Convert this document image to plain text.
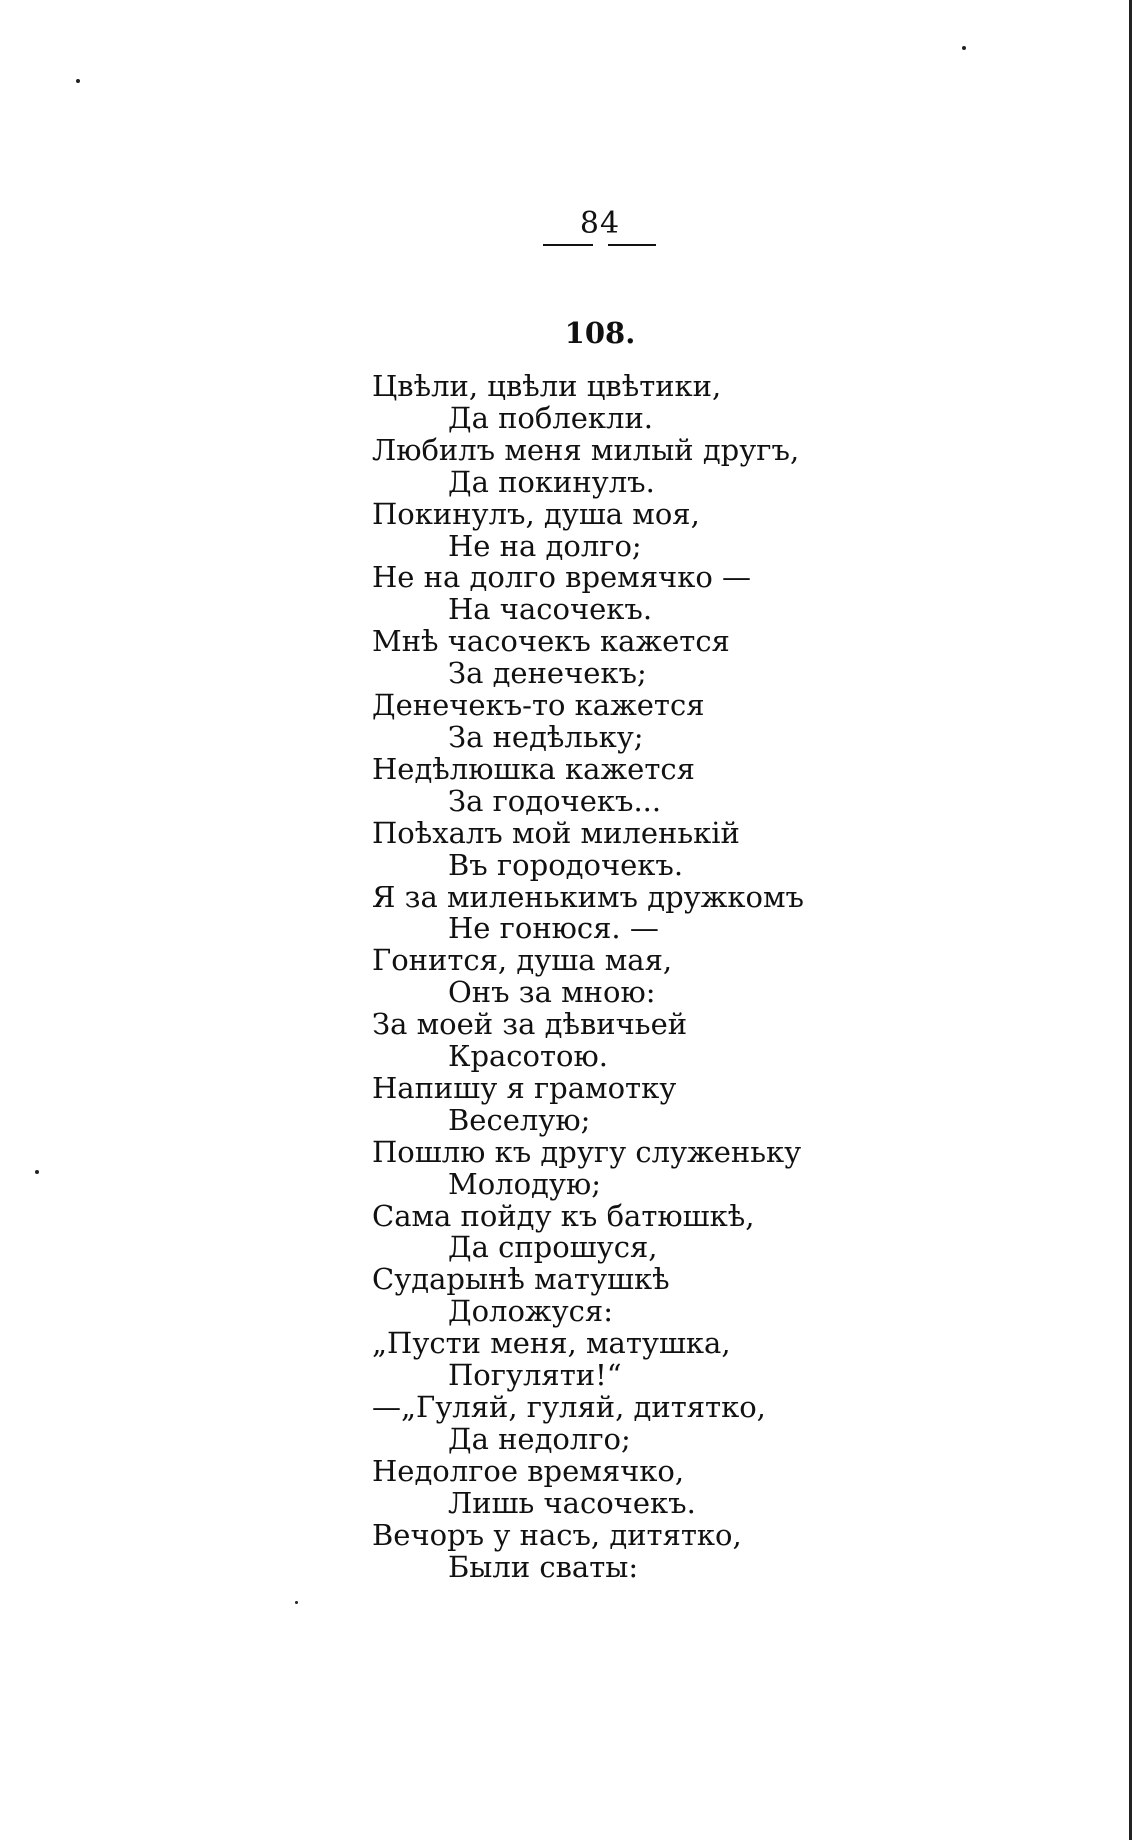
84
108.
Цвѣли, цвѣли цвѣтики,
Да поблекли.
Любилъ меня милый другъ,
Да покинулъ.
Покинулъ, душа моя,
Не на долго;
Не на долго времячко —
На часочекъ.
Мнѣ часочекъ кажется
За денечекъ;
Денечекъ-то кажется
За недѣльку;
Недѣлюшка кажется
За годочекъ...
Поѣхалъ мой миленькій
Въ городочекъ.
Я за миленькимъ дружкомъ
Не гонюся. —
Гонится, душа мая,
Онъ за мною:
За моей за дѣвичьей
Красотою.
Напишу я грамотку
Веселую;
Пошлю къ другу служеньку
Молодую;
Сама пойду къ батюшкѣ,
Да спрошуся,
Сударынѣ матушкѣ
Доложуся:
„Пусти меня, матушка,
Погуляти!“
—„Гуляй, гуляй, дитятко,
Да недолго;
Недолгое времячко,
Лишь часочекъ.
Вечоръ у насъ, дитятко,
Были сваты:
